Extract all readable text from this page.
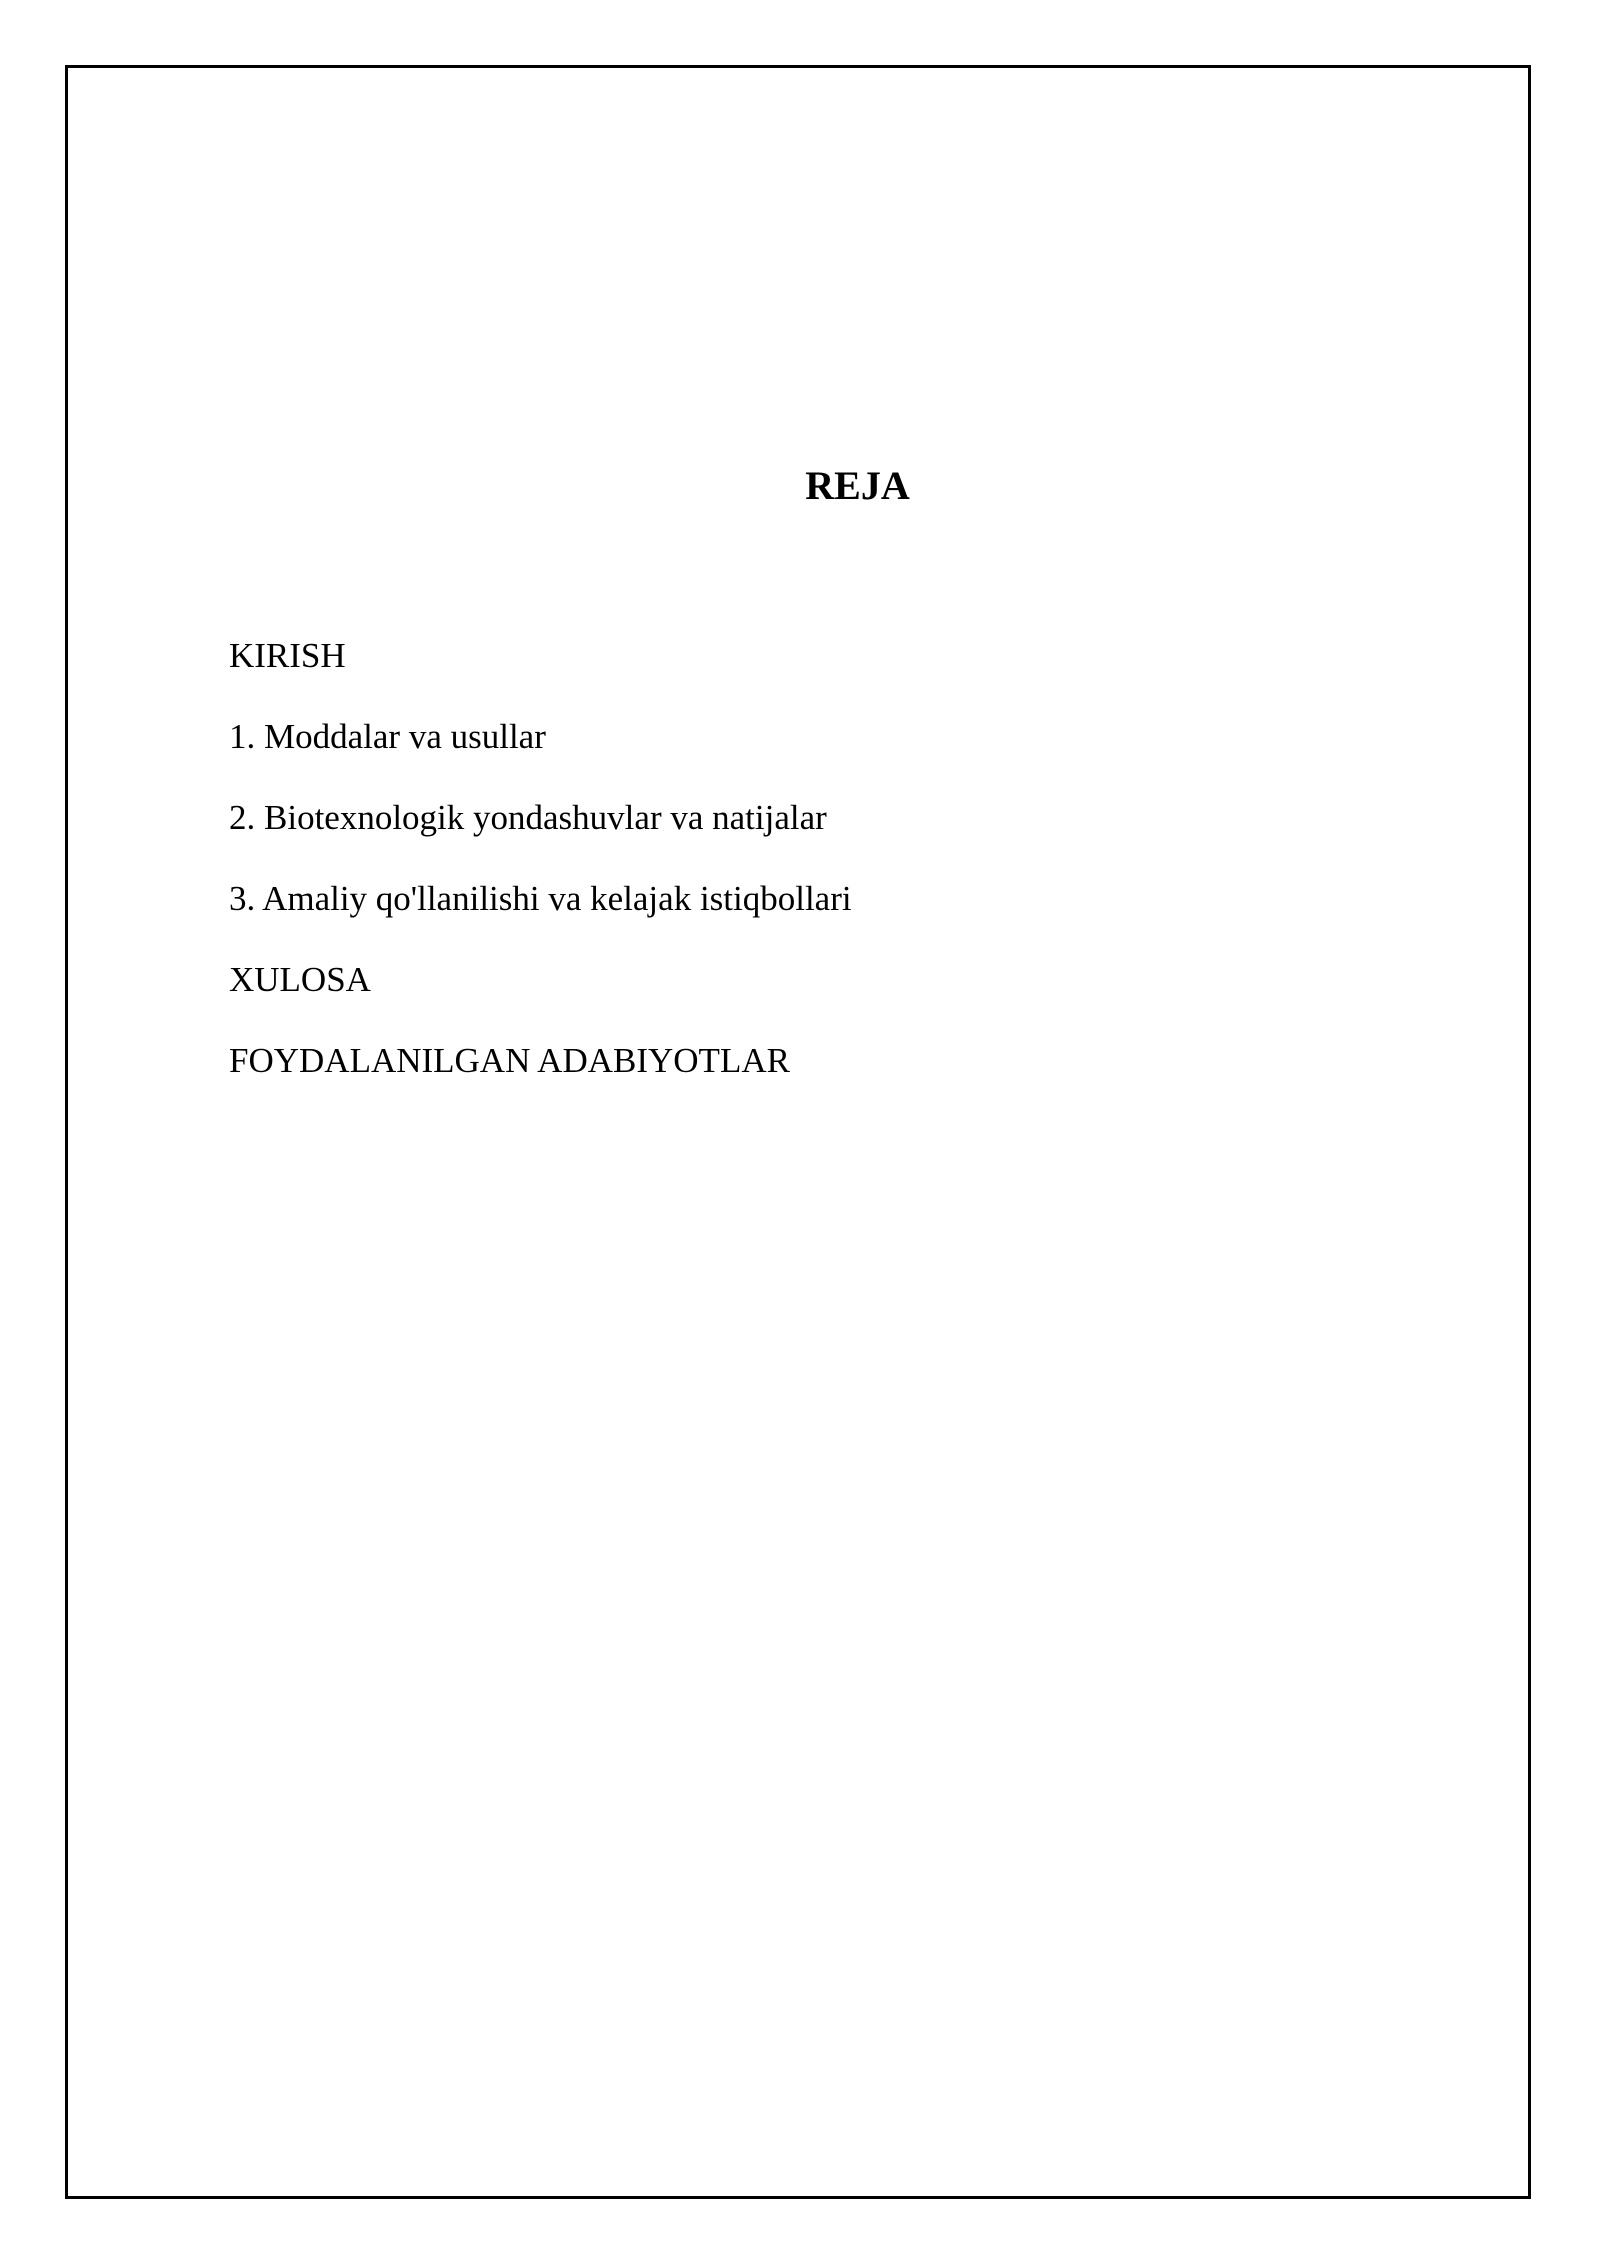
REJA
KIRISH
1. Moddalar va usullar
2. Biotexnologik yondashuvlar va natijalar
3. Amaliy qo'llanilishi va kelajak istiqbollari
XULOSA
FOYDALANILGAN ADABIYOTLAR
